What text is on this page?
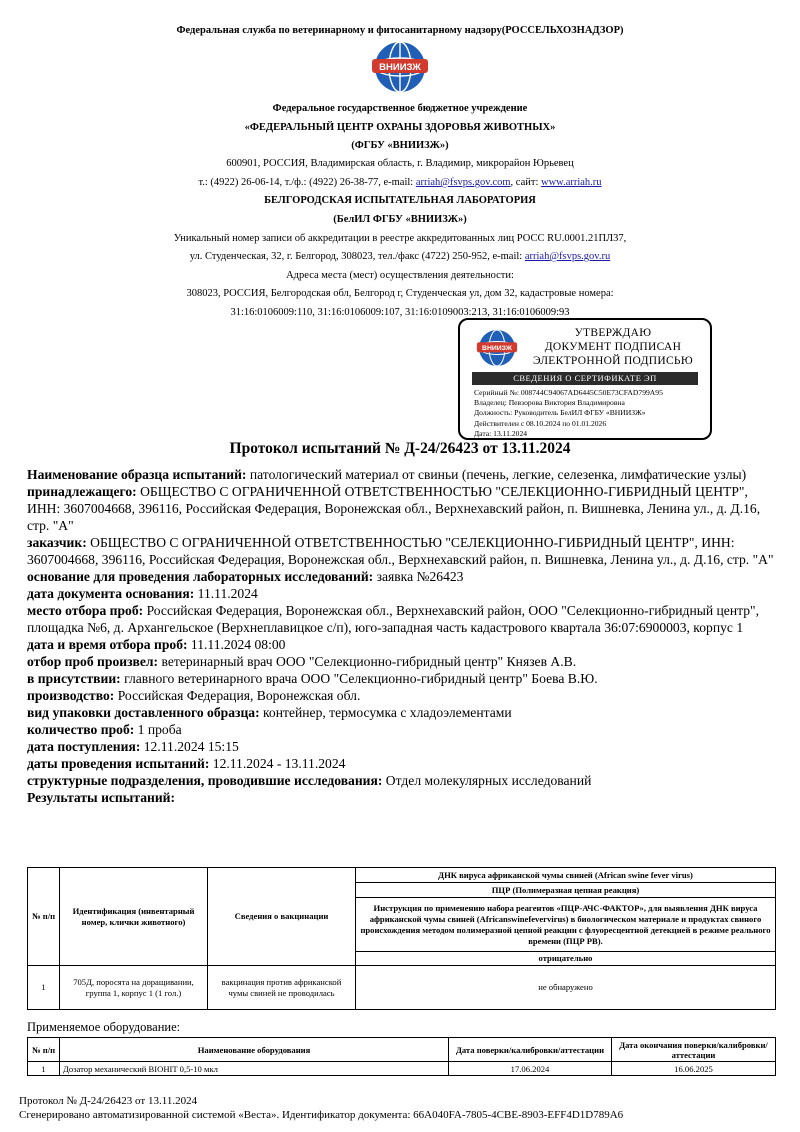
Федеральная служба по ветеринарному и фитосанитарному надзору(РОССЕЛЬХОЗНАДЗОР)
ВНИИЗЖ
Федеральное государственное бюджетное учреждение
«ФЕДЕРАЛЬНЫЙ ЦЕНТР ОХРАНЫ ЗДОРОВЬЯ ЖИВОТНЫХ»
(ФГБУ «ВНИИЗЖ»)
600901, РОССИЯ, Владимирская область, г. Владимир, микрорайон Юрьевец
т.: (4922) 26-06-14, т./ф.: (4922) 26-38-77, e-mail: arriah@fsvps.gov.com, сайт: www.arriah.ru
БЕЛГОРОДСКАЯ ИСПЫТАТЕЛЬНАЯ ЛАБОРАТОРИЯ
(БелИЛ ФГБУ «ВНИИЗЖ»)
Уникальный номер записи об аккредитации в реестре аккредитованных лиц РОСС RU.0001.21ПЛ37,
ул. Студенческая, 32, г. Белгород, 308023, тел./факс (4722) 250-952, e-mail: arriah@fsvps.gov.ru
Адреса места (мест) осуществления деятельности:
308023, РОССИЯ, Белгородская обл, Белгород г, Студенческая ул, дом 32, кадастровые номера:
31:16:0106009:110, 31:16:0106009:107, 31:16:0109003:213, 31:16:0106009:93
ВНИИЗЖ
УТВЕРЖДАЮ
ДОКУМЕНТ ПОДПИСАН
ЭЛЕКТРОННОЙ ПОДПИСЬЮ
СВЕДЕНИЯ О СЕРТИФИКАТЕ ЭП
Серийный №: 008744C94067AD6445C50E73CFAD799A95
Владелец: Певзорова Виктория Владимировна
Должность: Руководитель БелИЛ ФГБУ «ВНИИЗЖ»
Действителен с 08.10.2024 по 01.01.2026
Дата: 13.11.2024
Протокол испытаний № Д-24/26423 от 13.11.2024
Наименование образца испытаний: патологический материал от свиньи (печень, легкие, селезенка, лимфатические узлы)
принадлежащего: ОБЩЕСТВО С ОГРАНИЧЕННОЙ ОТВЕТСТВЕННОСТЬЮ "СЕЛЕКЦИОННО-ГИБРИДНЫЙ ЦЕНТР", ИНН: 3607004668, 396116, Российская Федерация, Воронежская обл., Верхнехавский район, п. Вишневка, Ленина ул., д. Д.16, стр. "А"
заказчик: ОБЩЕСТВО С ОГРАНИЧЕННОЙ ОТВЕТСТВЕННОСТЬЮ "СЕЛЕКЦИОННО-ГИБРИДНЫЙ ЦЕНТР", ИНН: 3607004668, 396116, Российская Федерация, Воронежская обл., Верхнехавский район, п. Вишневка, Ленина ул., д. Д.16, стр. "А"
основание для проведения лабораторных исследований: заявка №26423
дата документа основания: 11.11.2024
место отбора проб: Российская Федерация, Воронежская обл., Верхнехавский район, ООО "Селекционно-гибридный центр", площадка №6, д. Архангельское (Верхнеплавицкое с/п), юго-западная часть кадастрового квартала 36:07:6900003, корпус 1
дата и время отбора проб: 11.11.2024 08:00
отбор проб произвел: ветеринарный врач ООО "Селекционно-гибридный центр" Князев А.В.
в присутствии: главного ветеринарного врача ООО "Селекционно-гибридный центр" Боева В.Ю.
производство: Российская Федерация, Воронежская обл.
вид упаковки доставленного образца: контейнер, термосумка с хладоэлементами
количество проб: 1 проба
дата поступления: 12.11.2024 15:15
даты проведения испытаний: 12.11.2024 - 13.11.2024
структурные подразделения, проводившие исследования: Отдел молекулярных исследований
Результаты испытаний:
№ п/п	Идентификация (инвентарный номер, клички животного)	Сведения о вакцинации	ДНК вируса африканской чумы свиней (African swine fever virus)
			ПЦР (Полимеразная цепная реакция)
			Инструкция по применению набора реагентов «ПЦР-АЧС-ФАКТОР», для выявления ДНК вируса африканской чумы свиней (Africanswinefevervirus) в биологическом материале и продуктах свиного происхождения методом полимеразной цепной реакции с флуоресцентной детекцией в режиме реального времени (ПЦР РВ).
			отрицательно
1	705Д, поросята на доращивании, группа 1, корпус 1 (1 гол.)	вакцинация против африканской чумы свиней не проводилась	не обнаружено
Применяемое оборудование:
№ п/п	Наименование оборудования	Дата поверки/калибровки/аттестации	Дата окончания поверки/калибровки/аттестации
1	Дозатор механический BIOHIT 0,5-10 мкл	17.06.2024	16.06.2025
Протокол № Д-24/26423 от 13.11.2024
Сгенерировано автоматизированной системой «Веста». Идентификатор документа: 66A040FA-7805-4CBE-8903-EFF4D1D789A6
